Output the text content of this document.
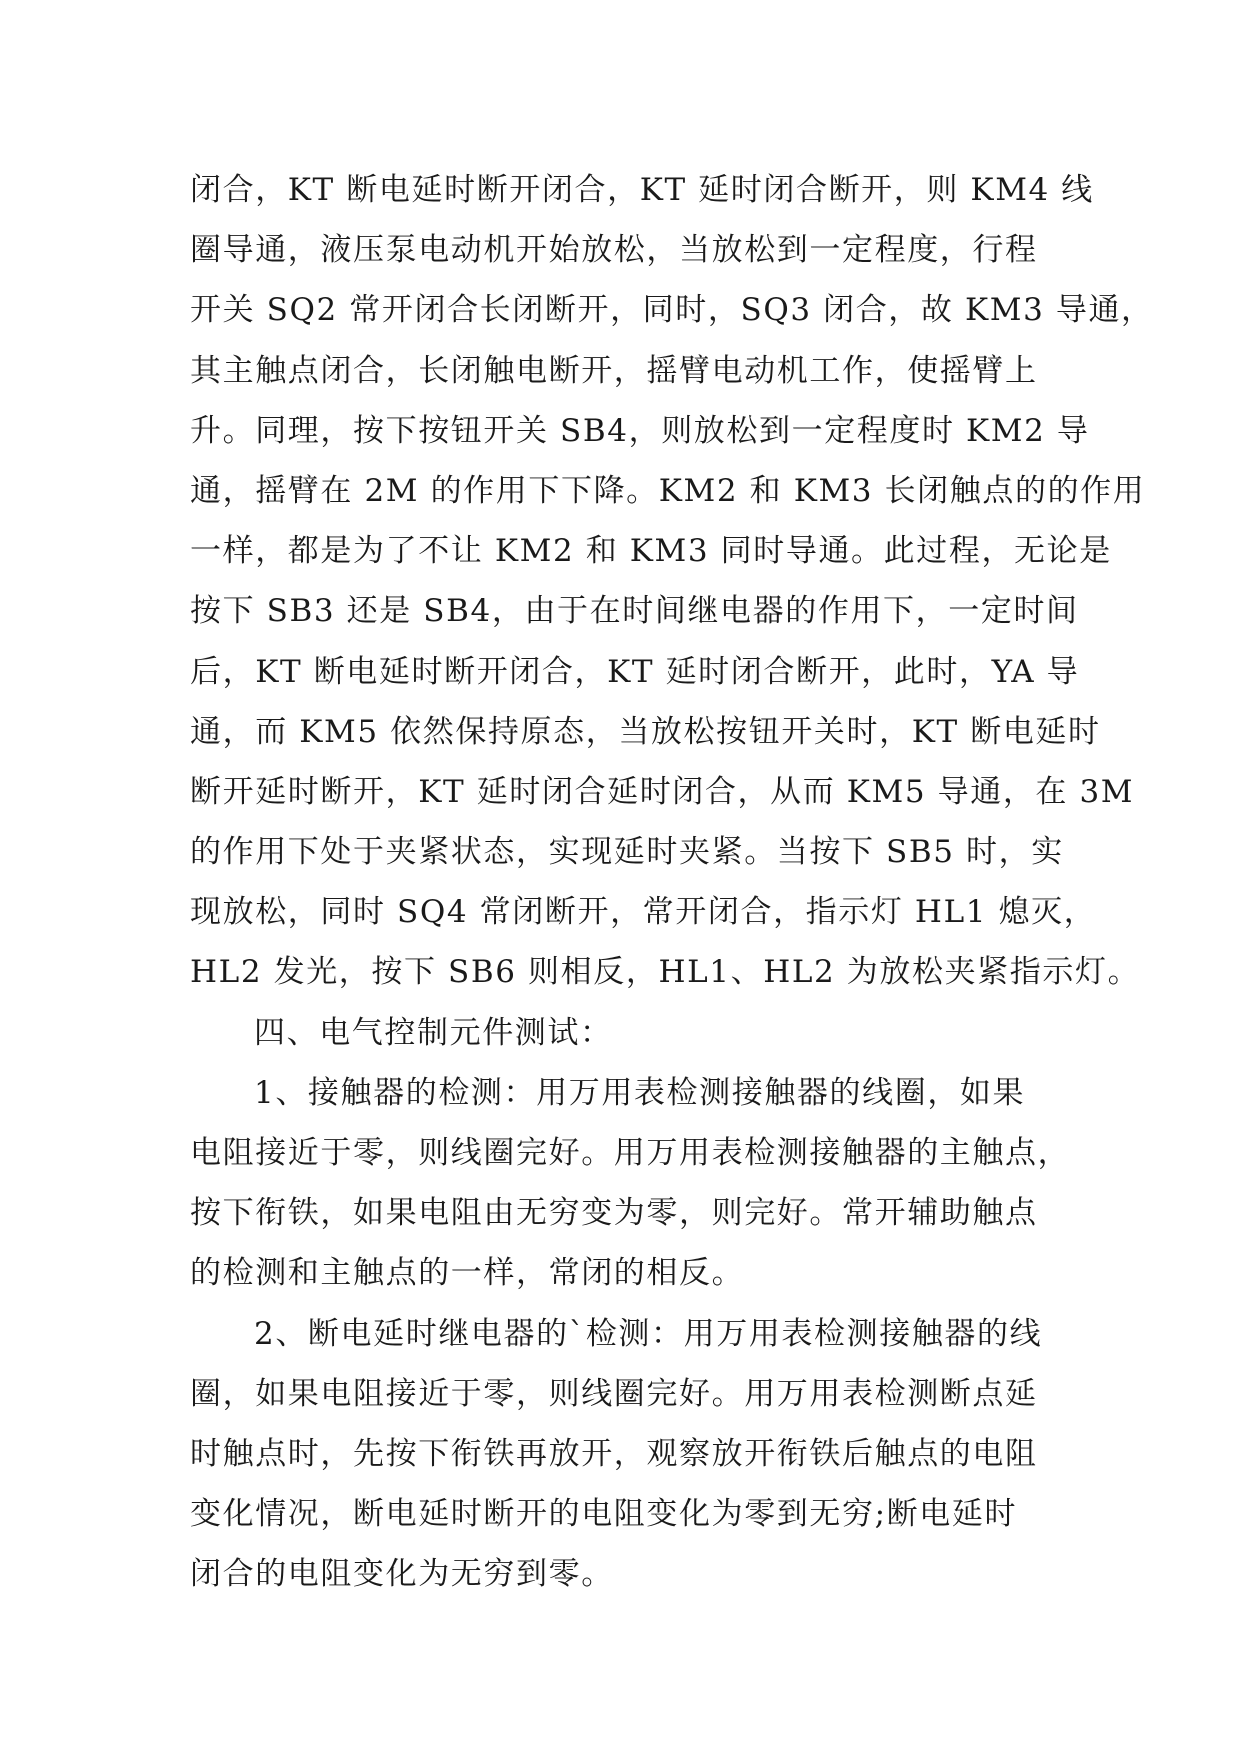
闭合，KT 断电延时断开闭合，KT 延时闭合断开，则 KM4 线
圈导通，液压泵电动机开始放松，当放松到一定程度，行程
开关 SQ2 常开闭合长闭断开，同时，SQ3 闭合，故 KM3 导通，
其主触点闭合，长闭触电断开，摇臂电动机工作，使摇臂上
升。同理，按下按钮开关 SB4，则放松到一定程度时 KM2 导
通，摇臂在 2M 的作用下下降。KM2 和 KM3 长闭触点的的作用
一样，都是为了不让 KM2 和 KM3 同时导通。此过程，无论是
按下 SB3 还是 SB4，由于在时间继电器的作用下，一定时间
后，KT 断电延时断开闭合，KT 延时闭合断开，此时，YA 导
通，而 KM5 依然保持原态，当放松按钮开关时，KT 断电延时
断开延时断开，KT 延时闭合延时闭合，从而 KM5 导通，在 3M
的作用下处于夹紧状态，实现延时夹紧。当按下 SB5 时，实
现放松，同时 SQ4 常闭断开，常开闭合，指示灯 HL1 熄灭，
HL2 发光，按下 SB6 则相反，HL1、HL2 为放松夹紧指示灯。
四、电气控制元件测试：
1、接触器的检测：用万用表检测接触器的线圈，如果
电阻接近于零，则线圈完好。用万用表检测接触器的主触点，
按下衔铁，如果电阻由无穷变为零，则完好。常开辅助触点
的检测和主触点的一样，常闭的相反。
2、断电延时继电器的`检测：用万用表检测接触器的线
圈，如果电阻接近于零，则线圈完好。用万用表检测断点延
时触点时，先按下衔铁再放开，观察放开衔铁后触点的电阻
变化情况，断电延时断开的电阻变化为零到无穷;断电延时
闭合的电阻变化为无穷到零。
